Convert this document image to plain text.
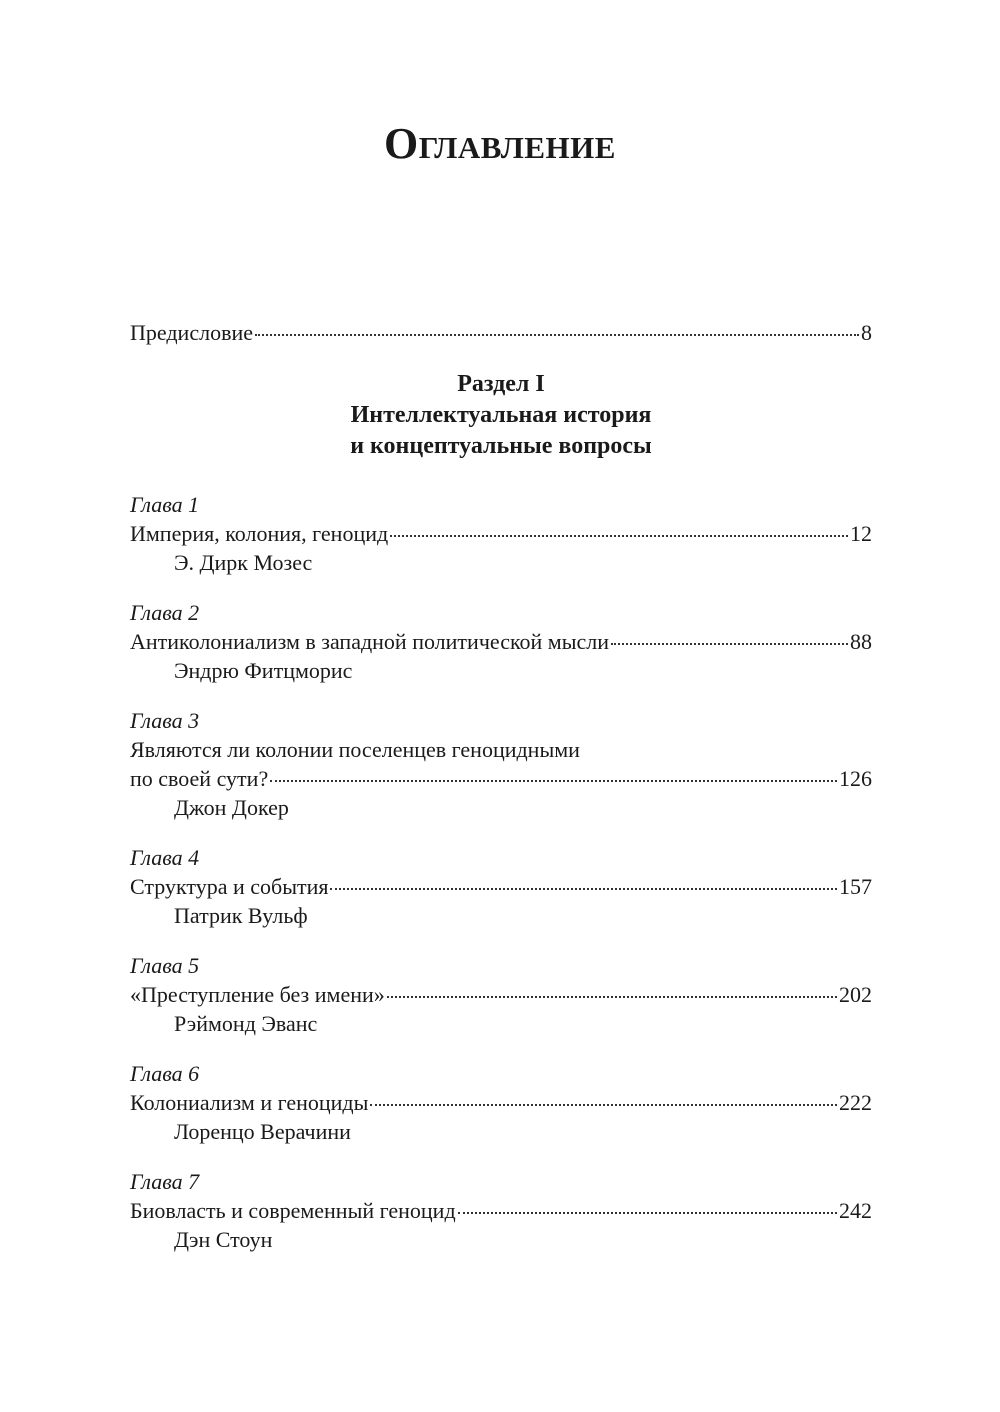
Оглавление
Предисловие	8
Раздел I
Интеллектуальная история
и концептуальные вопросы
Глава 1
Империя, колония, геноцид	12
Э. Дирк Мозес
Глава 2
Антиколониализм в западной политической мысли	88
Эндрю Фитцморис
Глава 3
Являются ли колонии поселенцев геноцидными
по своей сути?	126
Джон Докер
Глава 4
Структура и события	157
Патрик Вульф
Глава 5
«Преступление без имени»	202
Рэймонд Эванс
Глава 6
Колониализм и геноциды	222
Лоренцо Верачини
Глава 7
Биовласть и современный геноцид	242
Дэн Стоун
